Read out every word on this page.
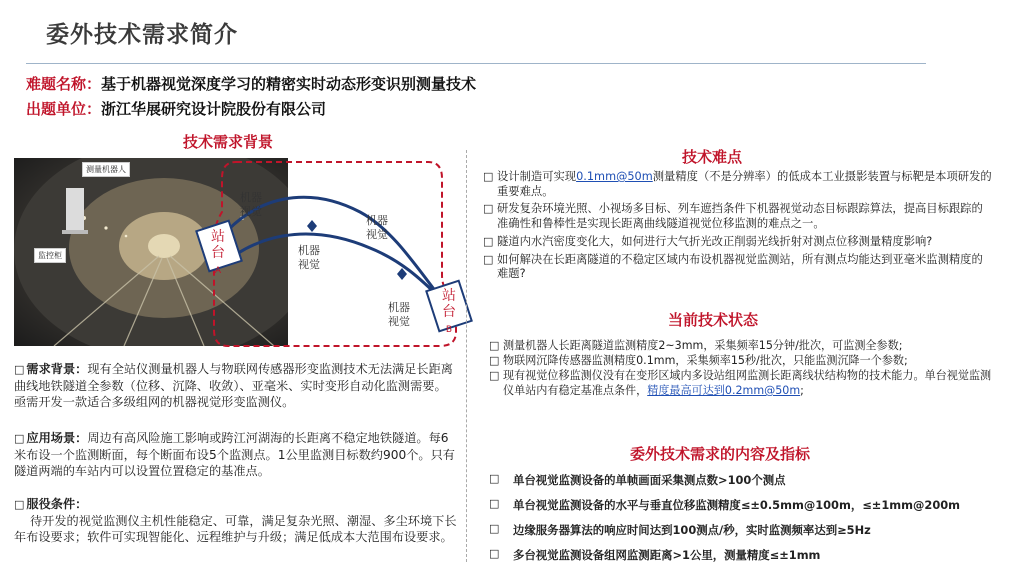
委外技术需求简介
难题名称：基于机器视觉深度学习的精密实时动态形变识别测量技术
出题单位：浙江华展研究设计院股份有限公司
技术需求背景
测量机器人
监控柜
机器
视觉
机器
视觉
机器
视觉
机器
视觉
站
台
A
站
台
B
□ 需求背景：现有全站仪测量机器人与物联网传感器形变监测技术无法满足长距离曲线地铁隧道全参数（位移、沉降、收敛）、亚毫米、实时变形自动化监测需要。亟需开发一款适合多级组网的机器视觉形变监测仪。
□ 应用场景：周边有高风险施工影响或跨江河湖海的长距离不稳定地铁隧道。每6米布设一个监测断面，每个断面布设5个监测点。1公里监测目标数约900个。只有隧道两端的车站内可以设置位置稳定的基准点。
□ 服役条件：
待开发的视觉监测仪主机性能稳定、可靠，满足复杂光照、潮湿、多尘环境下长年布设要求；软件可实现智能化、远程维护与升级；满足低成本大范围布设要求。
技术难点
□ 设计制造可实现0.1mm@50m测量精度（不是分辨率）的低成本工业摄影装置与标靶是本项研发的重要难点。
□ 研发复杂环境光照、小视场多目标、列车遮挡条件下机器视觉动态目标跟踪算法，提高目标跟踪的准确性和鲁棒性是实现长距离曲线隧道视觉位移监测的难点之一。
□ 隧道内水汽密度变化大，如何进行大气折光改正削弱光线折射对测点位移测量精度影响?
□ 如何解决在长距离隧道的不稳定区域内布设机器视觉监测站，所有测点均能达到亚毫米监测精度的难题?
当前技术状态
□ 测量机器人长距离隧道监测精度2~3mm，采集频率15分钟/批次，可监测全参数;
□ 物联网沉降传感器监测精度0.1mm，采集频率15秒/批次，只能监测沉降一个参数;
□ 现有视觉位移监测仪没有在变形区域内多设站组网监测长距离线状结构物的技术能力。单台视觉监测仪单站内有稳定基准点条件，精度最高可达到0.2mm@50m;
委外技术需求的内容及指标
□ 单台视觉监测设备的单帧画面采集测点数>100个测点
□ 单台视觉监测设备的水平与垂直位移监测精度≤±0.5mm@100m，≤±1mm@200m
□ 边缘服务器算法的响应时间达到100测点/秒，实时监测频率达到≥5Hz
□ 多台视觉监测设备组网监测距离>1公里，测量精度≤±1mm
